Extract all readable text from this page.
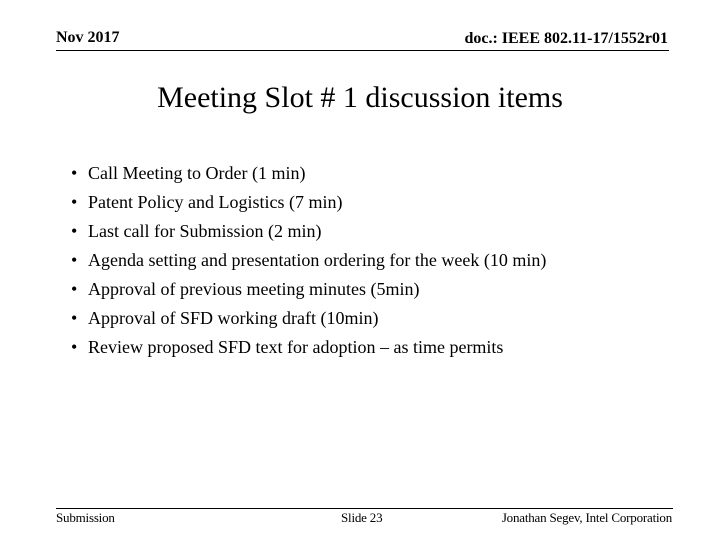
Nov 2017	doc.: IEEE 802.11-17/1552r01
Meeting Slot # 1 discussion items
• Call Meeting to Order (1 min)
• Patent Policy and Logistics (7 min)
• Last call for Submission (2 min)
• Agenda setting and presentation ordering for the week (10 min)
• Approval of previous meeting minutes (5min)
• Approval of SFD working draft (10min)
• Review proposed SFD text for adoption – as time permits
Submission	Slide 23	Jonathan Segev, Intel Corporation
